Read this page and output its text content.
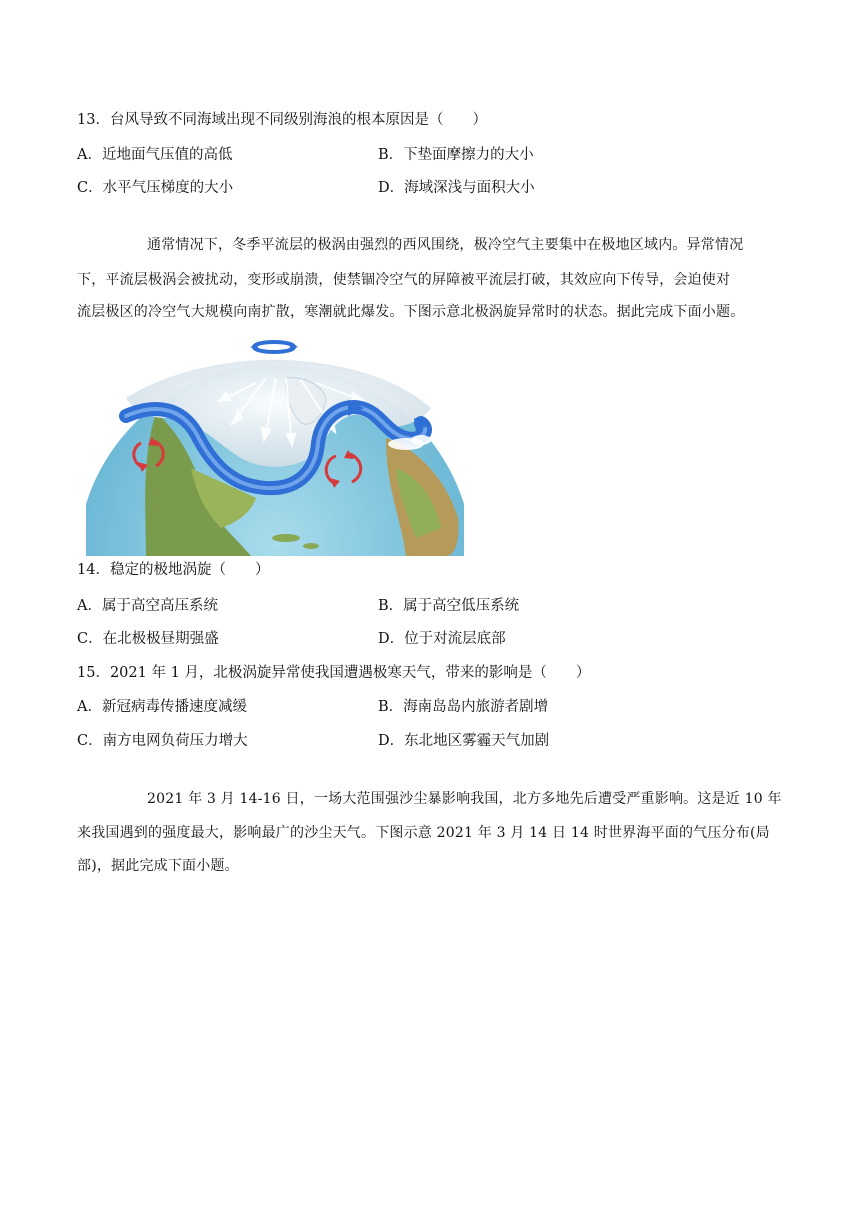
13．台风导致不同海域出现不同级别海浪的根本原因是（　　）
A．近地面气压值的高低	B．下垫面摩擦力的大小
C．水平气压梯度的大小	D．海域深浅与面积大小
通常情况下，冬季平流层的极涡由强烈的西风围绕，极冷空气主要集中在极地区域内。异常情况
下，平流层极涡会被扰动，变形或崩溃，使禁锢冷空气的屏障被平流层打破，其效应向下传导，会迫使对
流层极区的冷空气大规模向南扩散，寒潮就此爆发。下图示意北极涡旋异常时的状态。据此完成下面小题。
14．稳定的极地涡旋（　　）
A．属于高空高压系统	B．属于高空低压系统
C．在北极极昼期强盛	D．位于对流层底部
15．2021 年 1 月，北极涡旋异常使我国遭遇极寒天气，带来的影响是（　　）
A．新冠病毒传播速度减缓	B．海南岛岛内旅游者剧增
C．南方电网负荷压力增大	D．东北地区雾霾天气加剧
2021 年 3 月 14-16 日，一场大范围强沙尘暴影响我国，北方多地先后遭受严重影响。这是近 10 年
来我国遇到的强度最大，影响最广的沙尘天气。下图示意 2021 年 3 月 14 日 14 时世界海平面的气压分布(局
部)，据此完成下面小题。
